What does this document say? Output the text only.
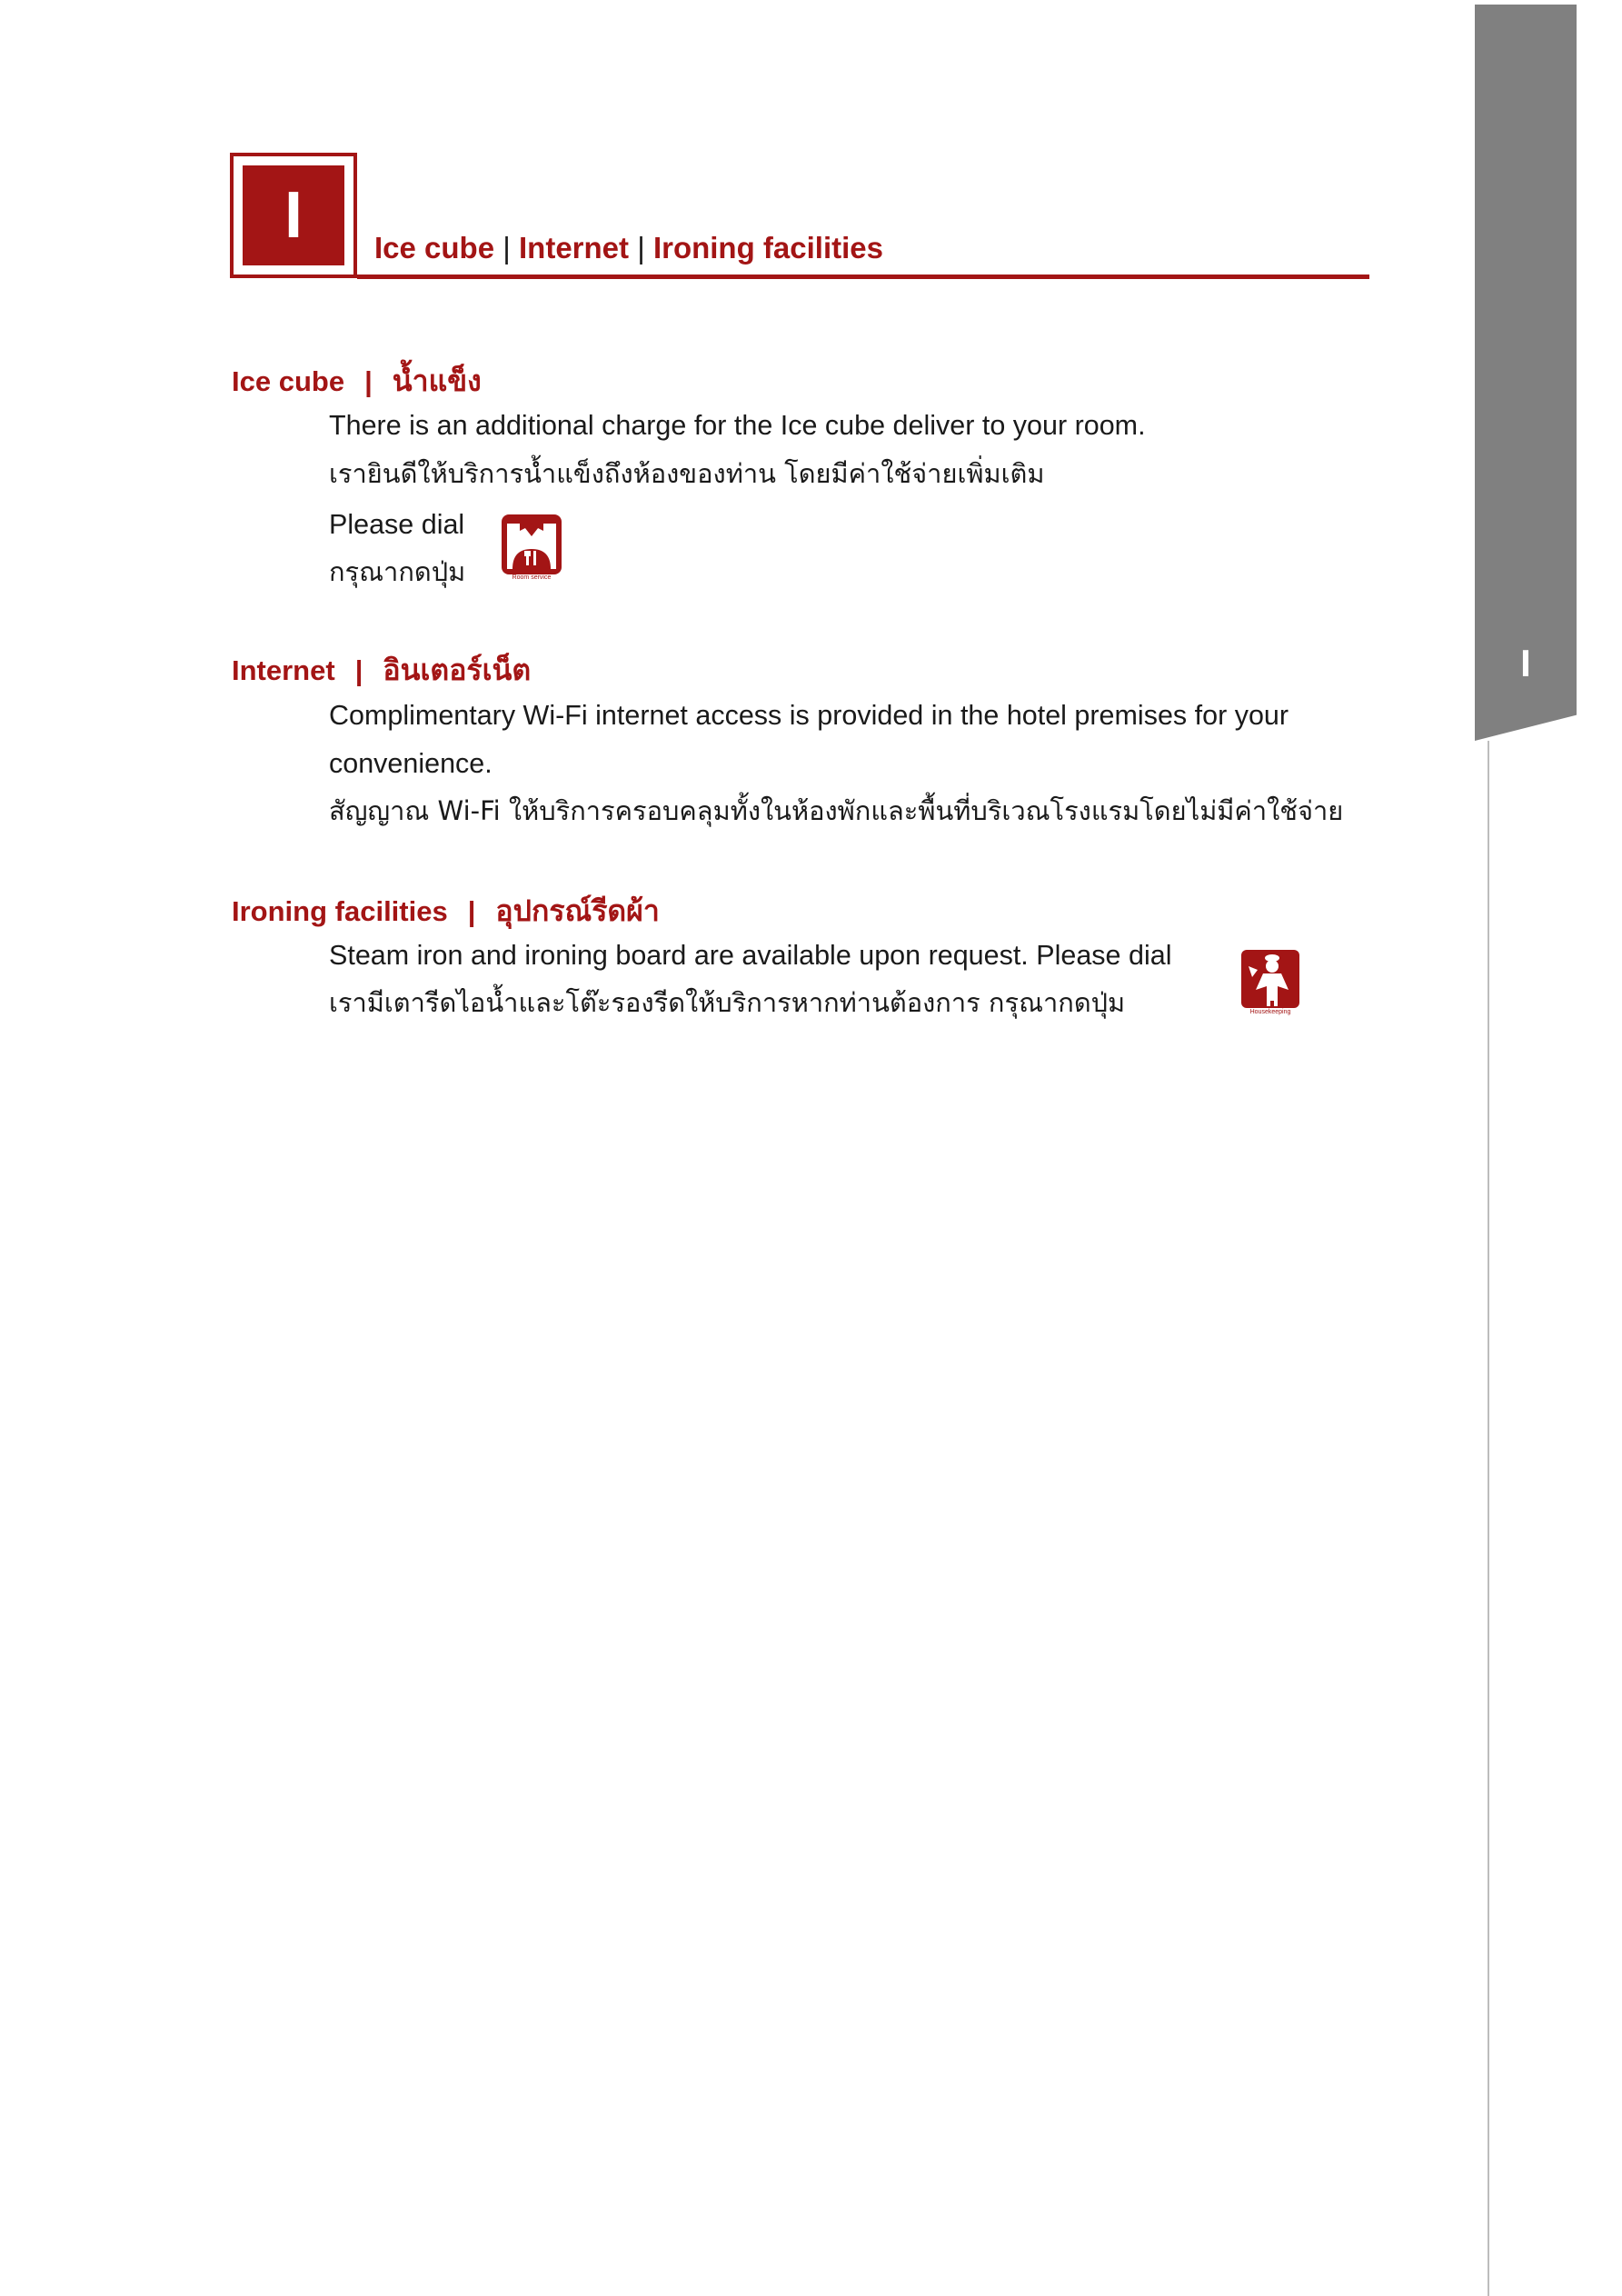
I
I Ice cube | Internet | Ironing facilities
Ice cube | น้ำแข็ง
There is an additional charge for the Ice cube deliver to your room.
เรายินดีให้บริการน้ำแข็งถึงห้องของท่าน โดยมีค่าใช้จ่ายเพิ่มเติม
Please dial
กรุณากดปุ่ม	Room service
Internet | อินเตอร์เน็ต
Complimentary Wi-Fi internet access is provided in the hotel premises for your
convenience.
สัญญาณ Wi-Fi ให้บริการครอบคลุมทั้งในห้องพักและพื้นที่บริเวณโรงแรมโดยไม่มีค่าใช้จ่าย
Ironing facilities | อุปกรณ์รีดผ้า
Steam iron and ironing board are available upon request. Please dial
เรามีเตารีดไอน้ำและโต๊ะรองรีดให้บริการหากท่านต้องการ กรุณากดปุ่ม	Housekeeping
